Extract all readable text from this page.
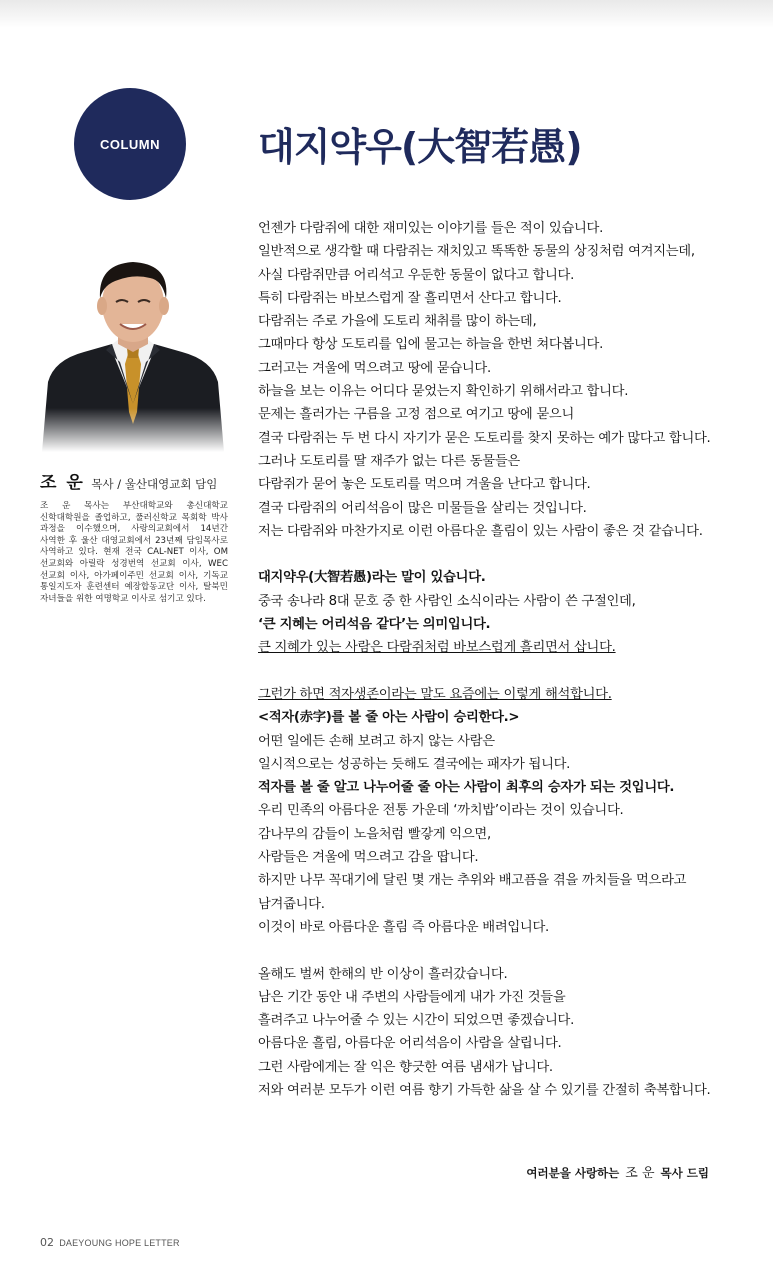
COLUMN	대지약우(大智若愚)
조 운 목사 / 울산대영교회 담임
조 운 목사는 부산대학교와 총신대학교 신학대학원을 졸업하고, 풀러신학교 목회학 박사 과정을 이수했으며, 사랑의교회에서 14년간 사역한 후 울산 대영교회에서 23년째 담임목사로 사역하고 있다. 현재 전국 CAL-NET 이사, OM 선교회와 아릴락 성경번역 선교회 이사, WEC 선교회 이사, 아가페이주민 선교회 이사, 기독교 통일지도자 훈련센터 예장합동교단 이사, 탈북민 자녀들을 위한 여명학교 이사로 섬기고 있다.
언젠가 다람쥐에 대한 재미있는 이야기를 들은 적이 있습니다.
일반적으로 생각할 때 다람쥐는 재치있고 똑똑한 동물의 상징처럼 여겨지는데,
사실 다람쥐만큼 어리석고 우둔한 동물이 없다고 합니다.
특히 다람쥐는 바보스럽게 잘 흘리면서 산다고 합니다.
다람쥐는 주로 가을에 도토리 채취를 많이 하는데,
그때마다 항상 도토리를 입에 물고는 하늘을 한번 쳐다봅니다.
그러고는 겨울에 먹으려고 땅에 묻습니다.
하늘을 보는 이유는 어디다 묻었는지 확인하기 위해서라고 합니다.
문제는 흘러가는 구름을 고정 점으로 여기고 땅에 묻으니
결국 다람쥐는 두 번 다시 자기가 묻은 도토리를 찾지 못하는 예가 많다고 합니다.
그러나 도토리를 딸 재주가 없는 다른 동물들은
다람쥐가 묻어 놓은 도토리를 먹으며 겨울을 난다고 합니다.
결국 다람쥐의 어리석음이 많은 미물들을 살리는 것입니다.
저는 다람쥐와 마찬가지로 이런 아름다운 흘림이 있는 사람이 좋은 것 같습니다.
대지약우(大智若愚)라는 말이 있습니다.
중국 송나라 8대 문호 중 한 사람인 소식이라는 사람이 쓴 구절인데,
‘큰 지혜는 어리석음 같다’는 의미입니다.
큰 지혜가 있는 사람은 다람쥐처럼 바보스럽게 흘리면서 삽니다.
그런가 하면 적자생존이라는 말도 요즘에는 이렇게 해석합니다.
<적자(赤字)를 볼 줄 아는 사람이 승리한다.>
어떤 일에든 손해 보려고 하지 않는 사람은
일시적으로는 성공하는 듯해도 결국에는 패자가 됩니다.
적자를 볼 줄 알고 나누어줄 줄 아는 사람이 최후의 승자가 되는 것입니다.
우리 민족의 아름다운 전통 가운데 ‘까치밥’이라는 것이 있습니다.
감나무의 감들이 노을처럼 빨갛게 익으면,
사람들은 겨울에 먹으려고 감을 땁니다.
하지만 나무 꼭대기에 달린 몇 개는 추위와 배고픔을 겪을 까치들을 먹으라고
남겨줍니다.
이것이 바로 아름다운 흘림 즉 아름다운 배려입니다.
올해도 벌써 한해의 반 이상이 흘러갔습니다.
남은 기간 동안 내 주변의 사람들에게 내가 가진 것들을
흘려주고 나누어줄 수 있는 시간이 되었으면 좋겠습니다.
아름다운 흘림, 아름다운 어리석음이 사람을 살립니다.
그런 사람에게는 잘 익은 향긋한 여름 냄새가 납니다.
저와 여러분 모두가 이런 여름 향기 가득한 삶을 살 수 있기를 간절히 축복합니다.
여러분을 사랑하는 조 운 목사 드림
02 DAEYOUNG HOPE LETTER
